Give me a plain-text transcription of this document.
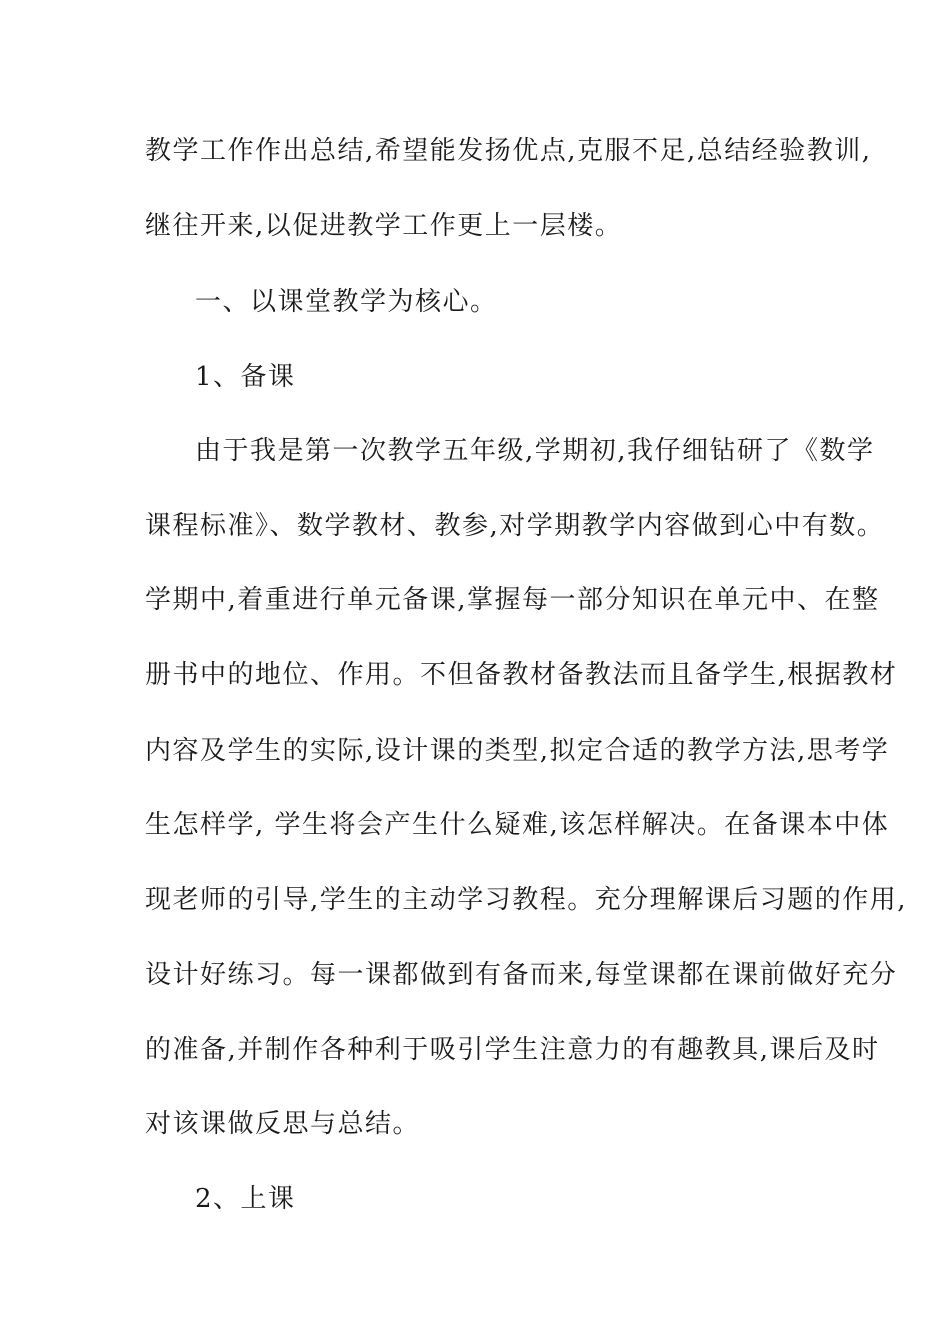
教学工作作出总结,希望能发扬优点,克服不足,总结经验教训,
继往开来,以促进教学工作更上一层楼。
一、以课堂教学为核心。
1、备课
由于我是第一次教学五年级,学期初,我仔细钻研了《数学
课程标准》、数学教材、教参,对学期教学内容做到心中有数。
学期中,着重进行单元备课,掌握每一部分知识在单元中、在整
册书中的地位、作用。不但备教材备教法而且备学生,根据教材
内容及学生的实际,设计课的类型,拟定合适的教学方法,思考学
生怎样学, 学生将会产生什么疑难,该怎样解决。在备课本中体
现老师的引导,学生的主动学习教程。充分理解课后习题的作用,
设计好练习。每一课都做到有备而来,每堂课都在课前做好充分
的准备,并制作各种利于吸引学生注意力的有趣教具,课后及时
对该课做反思与总结。
2、上课
